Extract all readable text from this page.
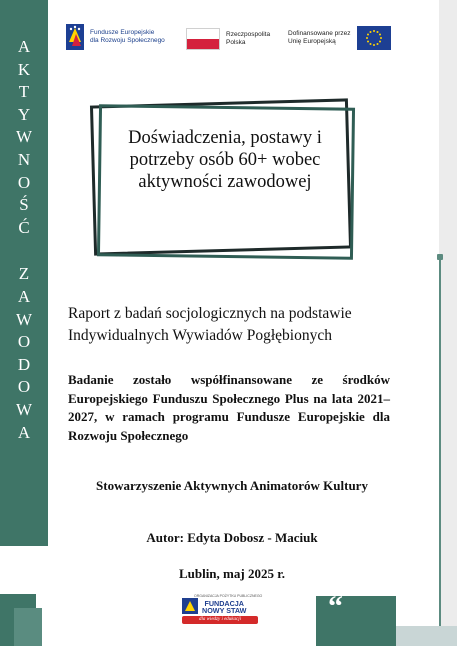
A
K
T
Y
W
N
O
Ś
Ć
Z
A
W
O
D
O
W
A
Fundusze Europejskie
dla Rozwoju Społecznego
Rzeczpospolita
Polska
Dofinansowane przez
Unię Europejską
Doświadczenia, postawy i potrzeby osób 60+ wobec aktywności zawodowej
Raport z badań socjologicznych na podstawie
Indywidualnych Wywiadów Pogłębionych
Badanie zostało współfinansowane ze środków Europejskiego Funduszu Społecznego Plus na lata 2021–2027, w ramach programu Fundusze Europejskie dla Rozwoju Społecznego
Stowarzyszenie Aktywnych Animatorów Kultury
Autor: Edyta Dobosz - Maciuk
Lublin, maj 2025 r.
ORGANIZACJA POŻYTKU PUBLICZNEGO
FUNDACJA
NOWY STAW
dla wiedzy i edukacji	“
